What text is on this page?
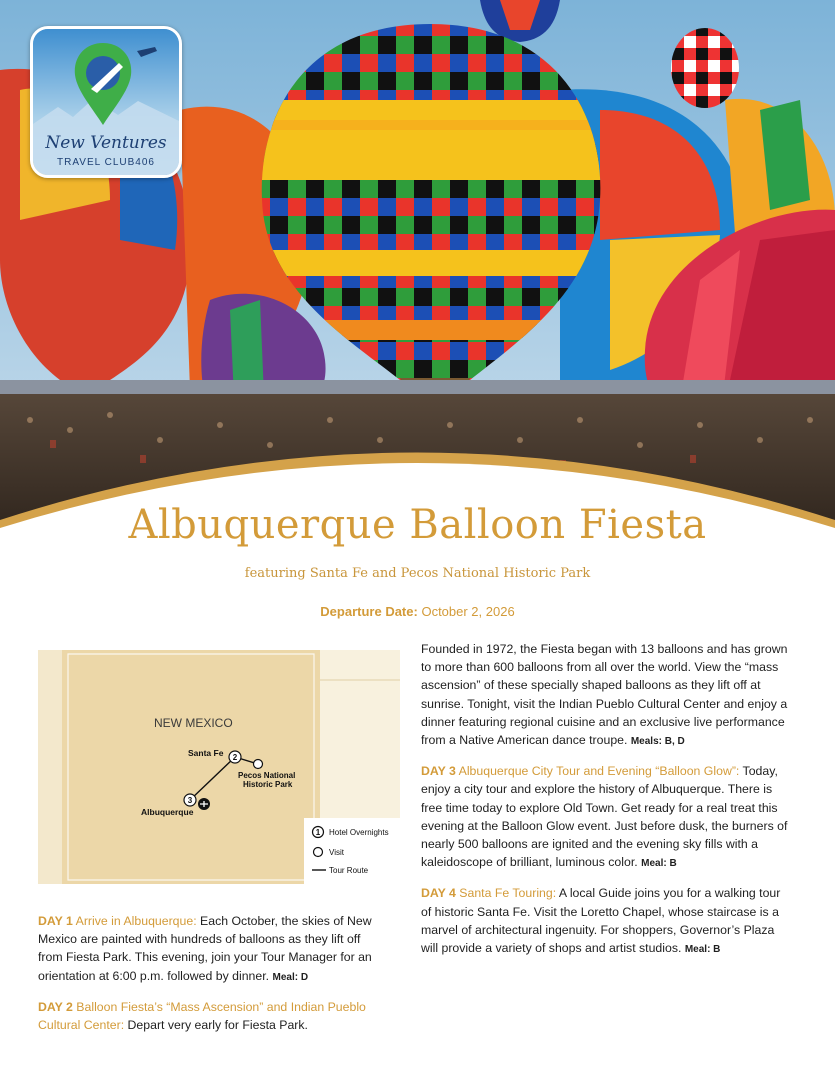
New Ventures
TRAVEL CLUB406
Albuquerque Balloon Fiesta
featuring Santa Fe and Pecos National Historic Park
Departure Date: October 2, 2026
NEW MEXICO
Santa Fe 2
Pecos National
Historic Park
3
Albuquerque
1 Hotel Overnights
Visit
Tour Route

DAY 1 Arrive in Albuquerque: Each October, the skies of New Mexico are painted with hundreds of balloons as they lift off from Fiesta Park. This evening, join your Tour Manager for an orientation at 6:00 p.m. followed by dinner. Meal: D

DAY 2 Balloon Fiesta’s “Mass Ascension” and Indian Pueblo Cultural Center: Depart very early for Fiesta Park.

Founded in 1972, the Fiesta began with 13 balloons and has grown to more than 600 balloons from all over the world. View the “mass ascension” of these specially shaped balloons as they lift off at sunrise. Tonight, visit the Indian Pueblo Cultural Center and enjoy a dinner featuring regional cuisine and an exclusive live performance from a Native American dance troupe. Meals: B, D

DAY 3 Albuquerque City Tour and Evening “Balloon Glow”: Today, enjoy a city tour and explore the history of Albuquerque. There is free time today to explore Old Town. Get ready for a real treat this evening at the Balloon Glow event. Just before dusk, the burners of nearly 500 balloons are ignited and the evening sky fills with a kaleidoscope of brilliant, luminous color. Meal: B

DAY 4 Santa Fe Touring: A local Guide joins you for a walking tour of historic Santa Fe. Visit the Loretto Chapel, whose staircase is a marvel of architectural ingenuity. For shoppers, Governor’s Plaza will provide a variety of shops and artist studios. Meal: B
